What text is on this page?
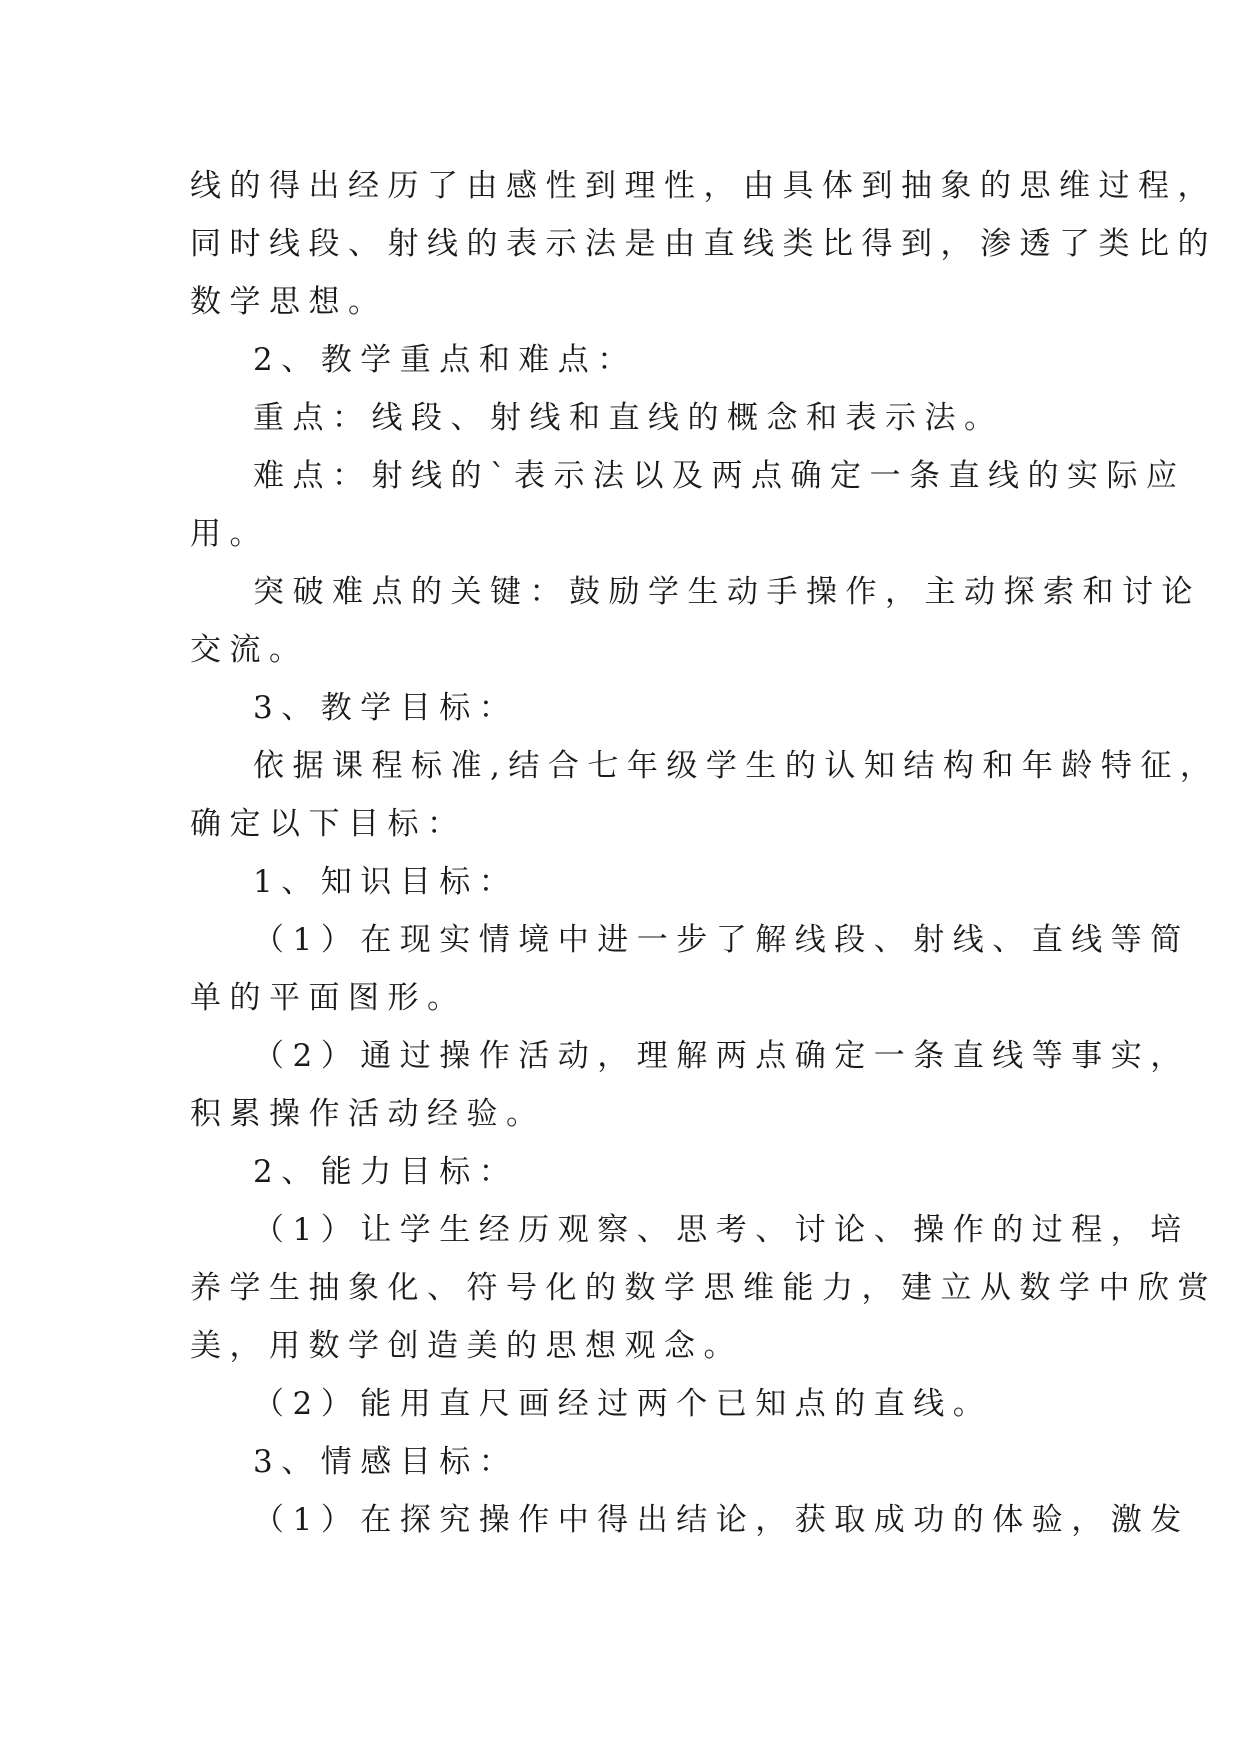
线的得出经历了由感性到理性，由具体到抽象的思维过程，
同时线段、射线的表示法是由直线类比得到，渗透了类比的
数学思想。
2、教学重点和难点：
重点：线段、射线和直线的概念和表示法。
难点：射线的`表示法以及两点确定一条直线的实际应
用。
突破难点的关键：鼓励学生动手操作，主动探索和讨论
交流。
3、教学目标：
依据课程标准,结合七年级学生的认知结构和年龄特征，
确定以下目标：
1、知识目标：
（1）在现实情境中进一步了解线段、射线、直线等简
单的平面图形。
（2）通过操作活动，理解两点确定一条直线等事实，
积累操作活动经验。
2、能力目标：
（1）让学生经历观察、思考、讨论、操作的过程，培
养学生抽象化、符号化的数学思维能力，建立从数学中欣赏
美，用数学创造美的思想观念。
（2）能用直尺画经过两个已知点的直线。
3、情感目标：
（1）在探究操作中得出结论，获取成功的体验，激发
